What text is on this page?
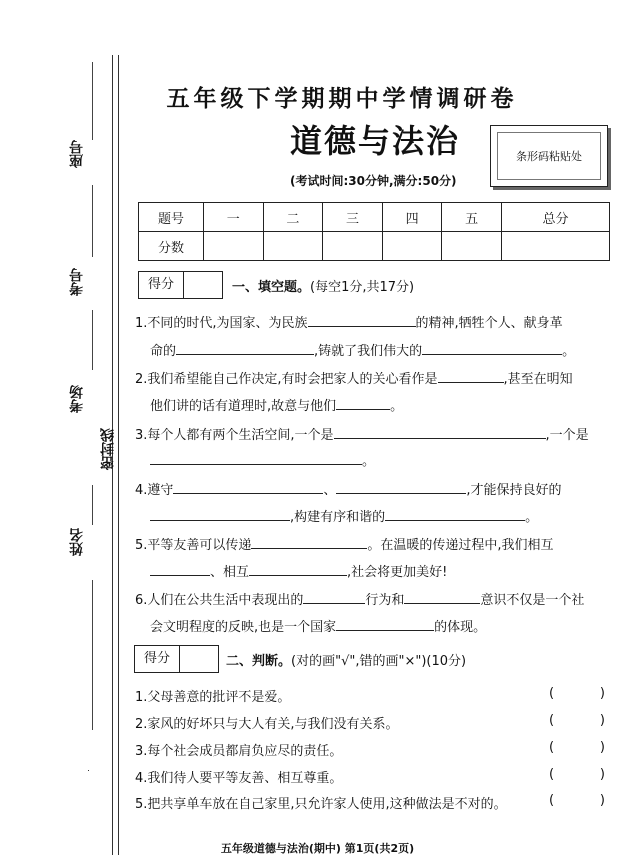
座号
考号
考场
密封线
姓名
五年级下学期期中学情调研卷
道德与法治	条形码粘贴处
(考试时间:30分钟,满分:50分)
题号	一	二	三	四	五	总分
分数						
得分	一、填空题。(每空1分,共17分)
1.不同的时代,为国家、为民族	的精神,牺牲个人、献身革
命的	,铸就了我们伟大的	。
2.我们希望能自己作决定,有时会把家人的关心看作是	,甚至在明知
他们讲的话有道理时,故意与他们	。
3.每个人都有两个生活空间,一个是	,一个是
。
4.遵守	、	,才能保持良好的
,构建有序和谐的	。
5.平等友善可以传递	。在温暖的传递过程中,我们相互
、相互	,社会将更加美好!
6.人们在公共生活中表现出的	行为和	意识不仅是一个社
会文明程度的反映,也是一个国家	的体现。
得分	二、判断。(对的画"√",错的画"×")(10分)
1.父母善意的批评不是爱。	(	)
2.家风的好坏只与大人有关,与我们没有关系。	(	)
3.每个社会成员都肩负应尽的责任。	(	)
4.我们待人要平等友善、相互尊重。	(	)
5.把共享单车放在自己家里,只允许家人使用,这种做法是不对的。	(	)
五年级道德与法治(期中) 第1页(共2页)
